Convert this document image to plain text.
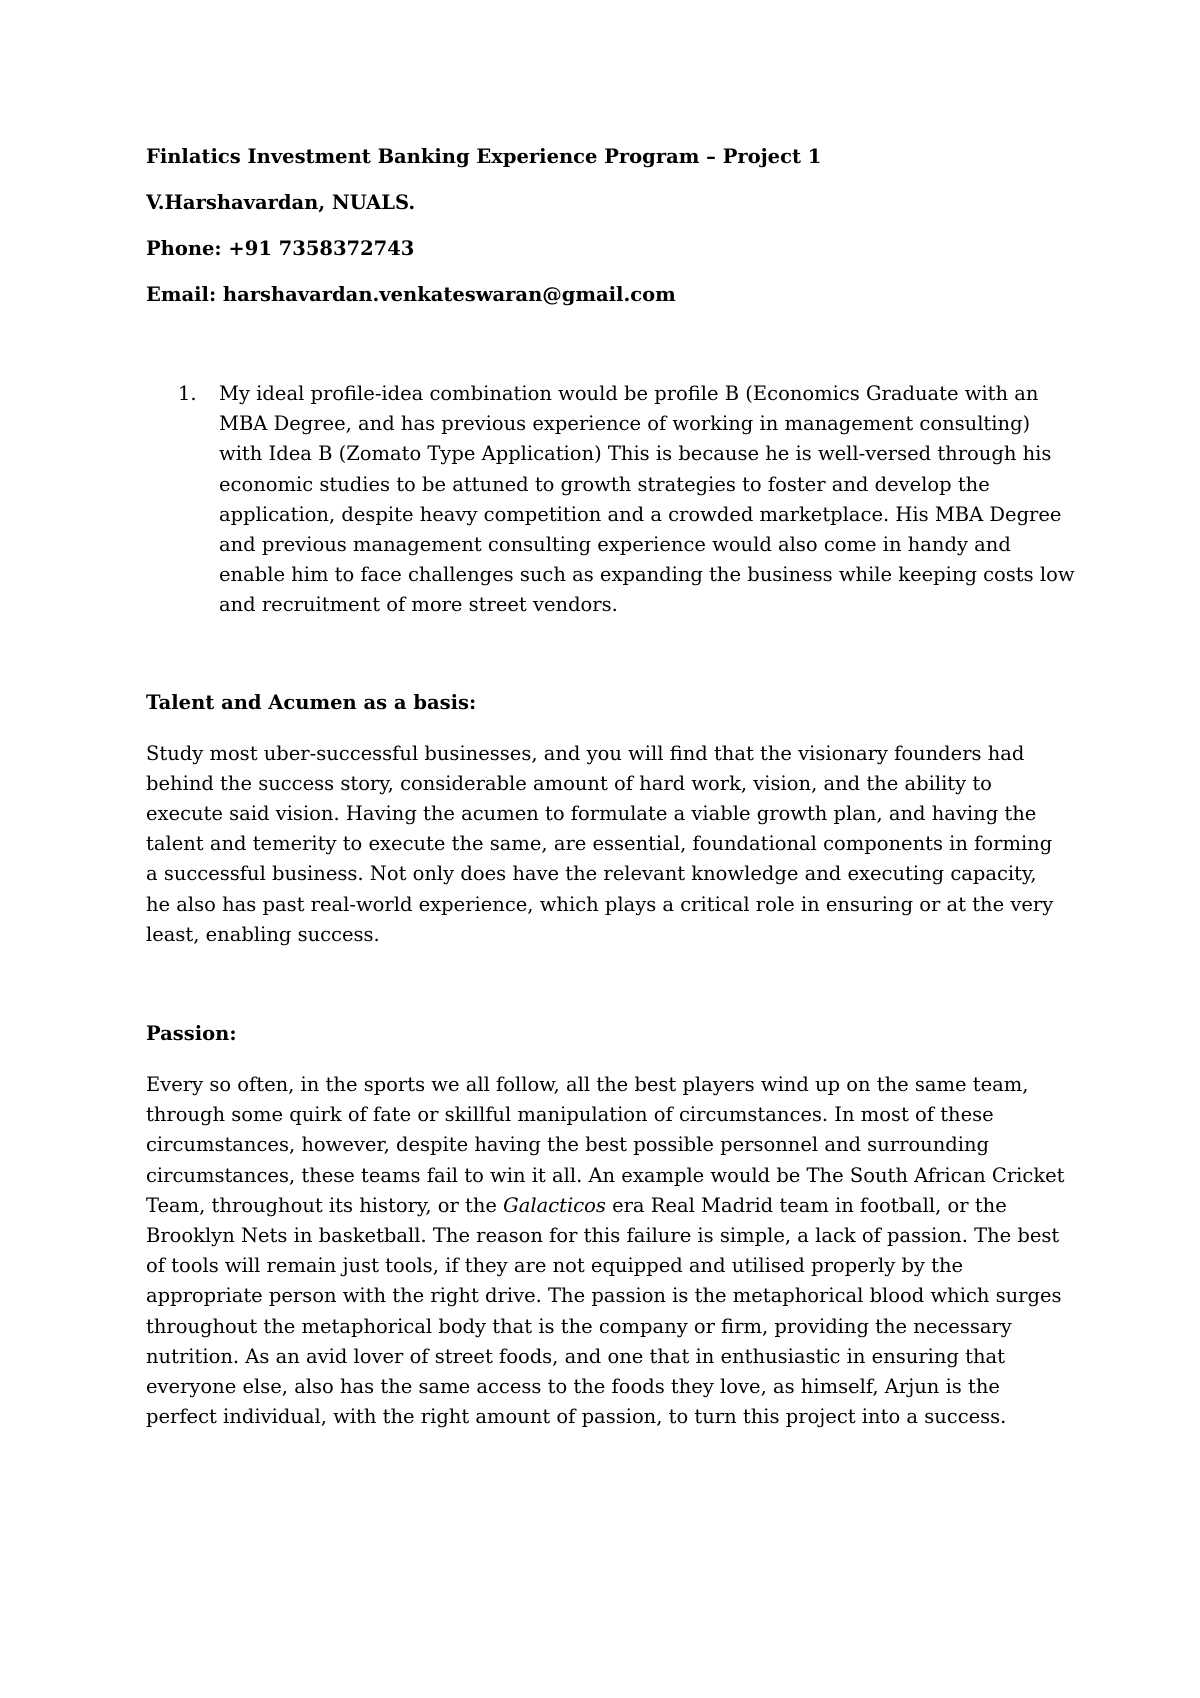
Finlatics Investment Banking Experience Program – Project 1

V.Harshavardan, NUALS.

Phone: +91 7358372743

Email: harshavardan.venkateswaran@gmail.com

1. My ideal profile-idea combination would be profile B (Economics Graduate with an MBA Degree, and has previous experience of working in management consulting) with Idea B (Zomato Type Application) This is because he is well-versed through his economic studies to be attuned to growth strategies to foster and develop the application, despite heavy competition and a crowded marketplace. His MBA Degree and previous management consulting experience would also come in handy and enable him to face challenges such as expanding the business while keeping costs low and recruitment of more street vendors.

Talent and Acumen as a basis:

Study most uber-successful businesses, and you will find that the visionary founders had behind the success story, considerable amount of hard work, vision, and the ability to execute said vision. Having the acumen to formulate a viable growth plan, and having the talent and temerity to execute the same, are essential, foundational components in forming a successful business. Not only does have the relevant knowledge and executing capacity, he also has past real-world experience, which plays a critical role in ensuring or at the very least, enabling success.

Passion:

Every so often, in the sports we all follow, all the best players wind up on the same team, through some quirk of fate or skillful manipulation of circumstances. In most of these circumstances, however, despite having the best possible personnel and surrounding circumstances, these teams fail to win it all. An example would be The South African Cricket Team, throughout its history, or the Galacticos era Real Madrid team in football, or the Brooklyn Nets in basketball. The reason for this failure is simple, a lack of passion. The best of tools will remain just tools, if they are not equipped and utilised properly by the appropriate person with the right drive. The passion is the metaphorical blood which surges throughout the metaphorical body that is the company or firm, providing the necessary nutrition. As an avid lover of street foods, and one that in enthusiastic in ensuring that everyone else, also has the same access to the foods they love, as himself, Arjun is the perfect individual, with the right amount of passion, to turn this project into a success.
